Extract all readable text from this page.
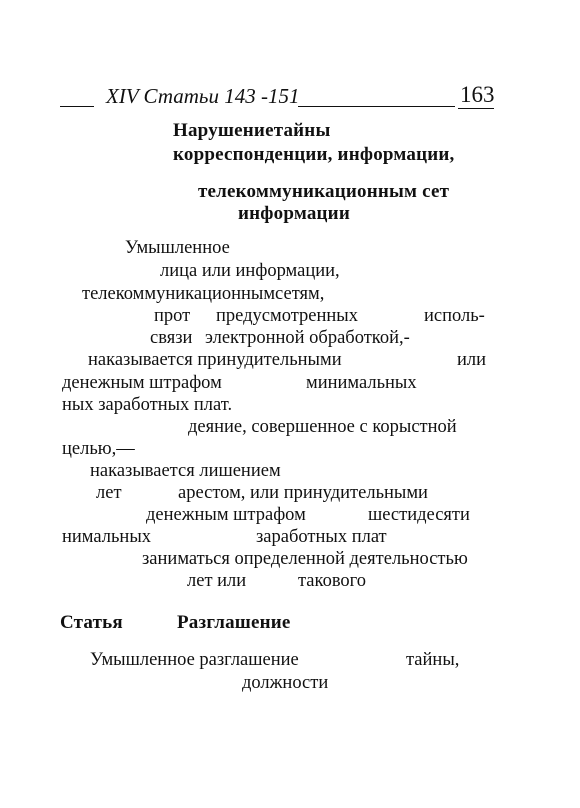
XIV Статьи 143 -151	163
Нарушениетайны
корреспонденции, информации,
телекоммуникационным сет
информации
Умышленное
лица или информации,
телекоммуникационнымсетям,
прот предусмотренных	исполь-
связи электронной обработкой,-
наказывается принудительными	или
денежным штрафом	минимальных
ных заработных плат.
деяние, совершенное с корыстной
целью,—
наказывается лишением
лет	арестом, или принудительными
денежным штрафом	шестидесяти
нимальных	заработных плат
заниматься определенной деятельностью
лет или	такового
Статья	Разглашение
Умышленное разглашение	тайны,
должности
